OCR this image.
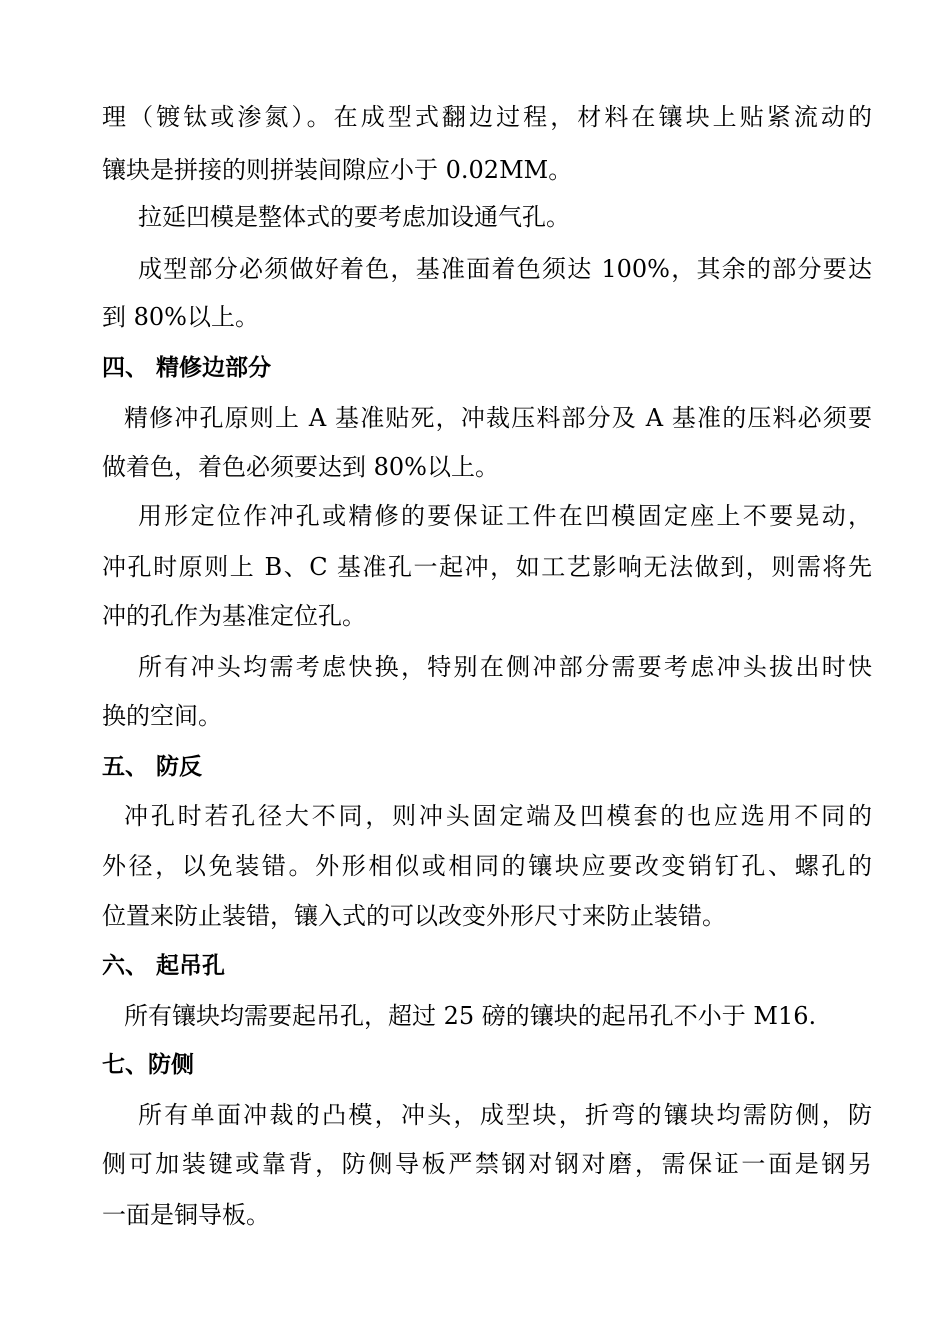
理（镀钛或渗氮）。在成型式翻边过程，材料在镶块上贴紧流动的
镶块是拼接的则拼装间隙应小于 0.02MM。
拉延凹模是整体式的要考虑加设通气孔。
成型部分必须做好着色，基准面着色须达 100%，其余的部分要达
到 80%以上。
四、 精修边部分
精修冲孔原则上 A 基准贴死，冲裁压料部分及 A 基准的压料必须要
做着色，着色必须要达到 80%以上。
用形定位作冲孔或精修的要保证工件在凹模固定座上不要晃动，
冲孔时原则上 B、C 基准孔一起冲，如工艺影响无法做到，则需将先
冲的孔作为基准定位孔。
所有冲头均需考虑快换，特别在侧冲部分需要考虑冲头拔出时快
换的空间。
五、 防反
冲孔时若孔径大不同，则冲头固定端及凹模套的也应选用不同的
外径，以免装错。外形相似或相同的镶块应要改变销钉孔、螺孔的
位置来防止装错，镶入式的可以改变外形尺寸来防止装错。
六、 起吊孔
所有镶块均需要起吊孔，超过 25 磅的镶块的起吊孔不小于 M16.
七、防侧
所有单面冲裁的凸模，冲头，成型块，折弯的镶块均需防侧，防
侧可加装键或靠背，防侧导板严禁钢对钢对磨，需保证一面是钢另
一面是铜导板。
